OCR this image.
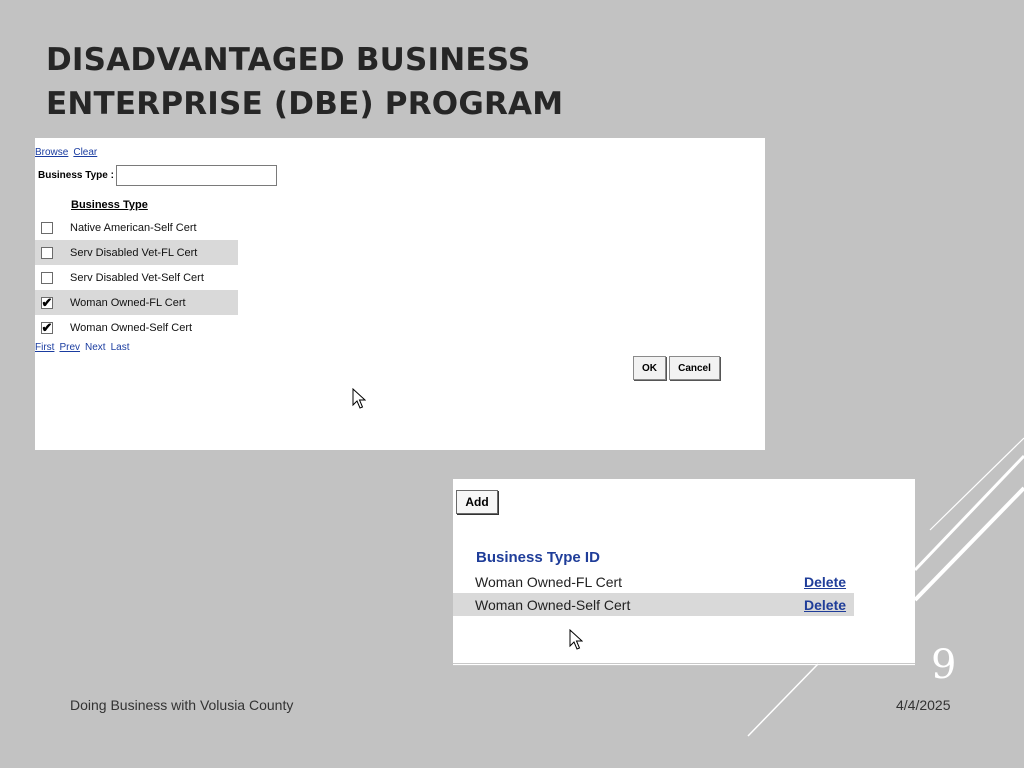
DISADVANTAGED BUSINESS
ENTERPRISE (DBE) PROGRAM
Browse Clear
Business Type :
Business Type
Native American-Self Cert
Serv Disabled Vet-FL Cert
Serv Disabled Vet-Self Cert
✔ Woman Owned-FL Cert
✔ Woman Owned-Self Cert
First Prev Next Last
OK	Cancel
Add
Business Type ID
Woman Owned-FL Cert	Delete
Woman Owned-Self Cert	Delete
9
Doing Business with Volusia County	4/4/2025
